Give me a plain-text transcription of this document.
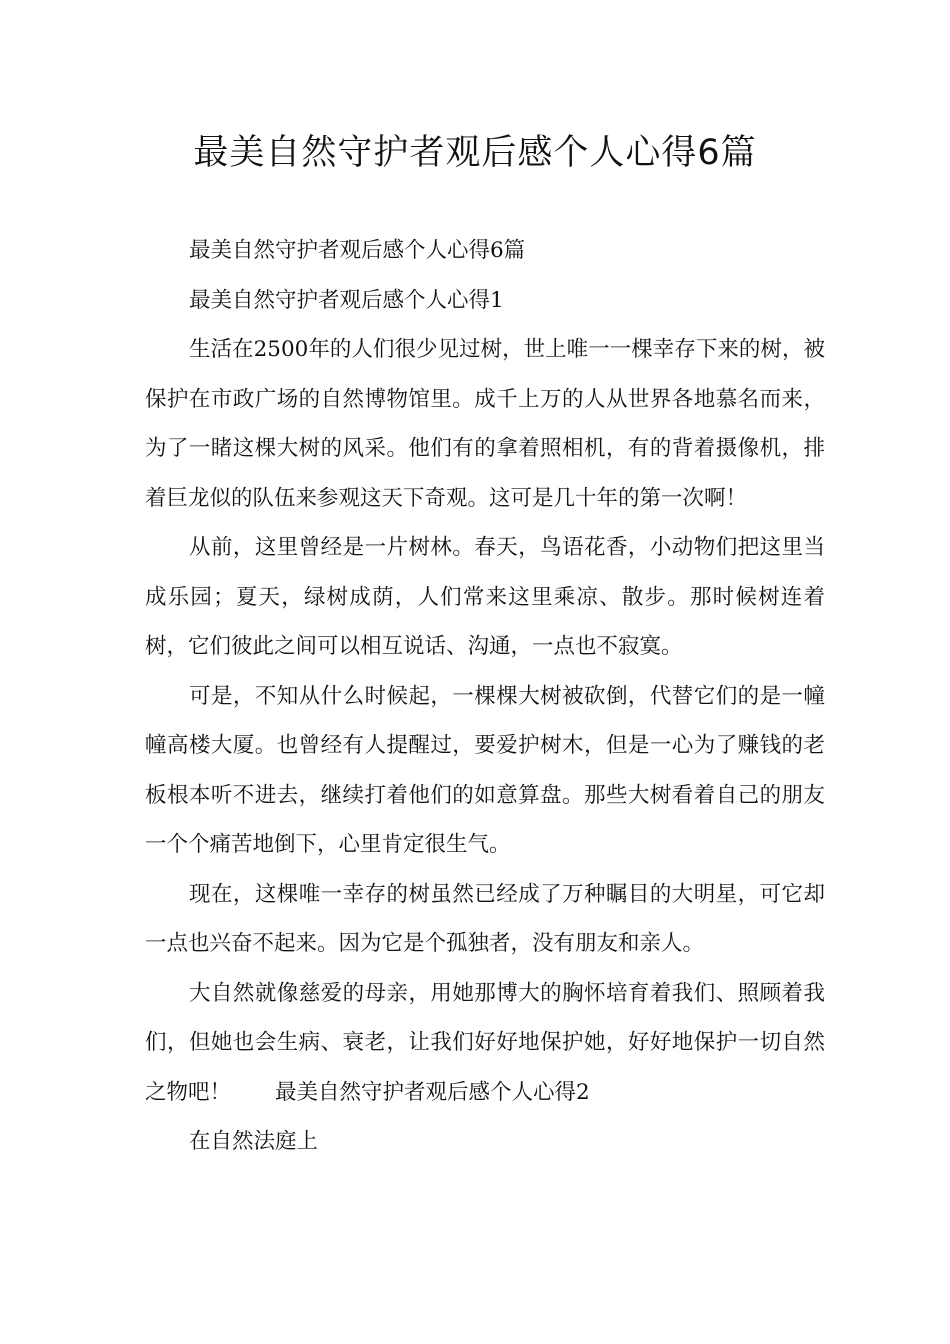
最美自然守护者观后感个人心得6篇

最美自然守护者观后感个人心得6篇

最美自然守护者观后感个人心得1

生活在2500年的人们很少见过树，世上唯一一棵幸存下来的树，被保护在市政广场的自然博物馆里。成千上万的人从世界各地慕名而来，为了一睹这棵大树的风采。他们有的拿着照相机，有的背着摄像机，排着巨龙似的队伍来参观这天下奇观。这可是几十年的第一次啊！

从前，这里曾经是一片树林。春天，鸟语花香，小动物们把这里当成乐园；夏天，绿树成荫，人们常来这里乘凉、散步。那时候树连着树，它们彼此之间可以相互说话、沟通，一点也不寂寞。

可是，不知从什么时候起，一棵棵大树被砍倒，代替它们的是一幢幢高楼大厦。也曾经有人提醒过，要爱护树木，但是一心为了赚钱的老板根本听不进去，继续打着他们的如意算盘。那些大树看着自己的朋友一个个痛苦地倒下，心里肯定很生气。

现在，这棵唯一幸存的树虽然已经成了万种瞩目的大明星，可它却一点也兴奋不起来。因为它是个孤独者，没有朋友和亲人。

大自然就像慈爱的母亲，用她那博大的胸怀培育着我们、照顾着我们，但她也会生病、衰老，让我们好好地保护她，好好地保护一切自然之物吧！ 最美自然守护者观后感个人心得2

在自然法庭上
